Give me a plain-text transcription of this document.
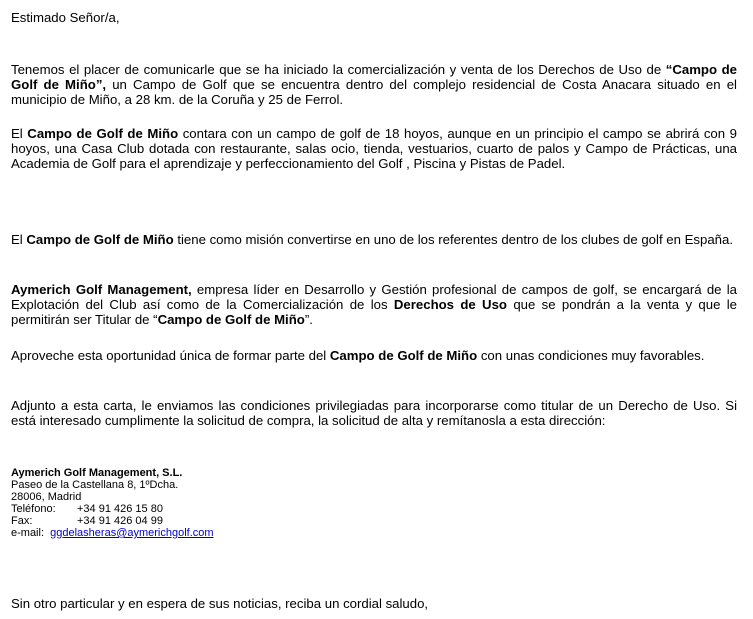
Estimado Señor/a,

Tenemos el placer de comunicarle que se ha iniciado la comercialización y venta de los Derechos de Uso de “Campo de Golf de Miño”, un Campo de Golf que se encuentra dentro del complejo residencial de Costa Anacara situado en el municipio de Miño, a 28 km. de la Coruña y 25 de Ferrol.

El Campo de Golf de Miño contara con un campo de golf de 18 hoyos, aunque en un principio el campo se abrirá con 9 hoyos, una Casa Club dotada con restaurante, salas ocio, tienda, vestuarios, cuarto de palos y Campo de Prácticas, una Academia de Golf para el aprendizaje y perfeccionamiento del Golf , Piscina y Pistas de Padel.

El Campo de Golf de Miño tiene como misión convertirse en uno de los referentes dentro de los clubes de golf en España.

Aymerich Golf Management, empresa líder en Desarrollo y Gestión profesional de campos de golf, se encargará de la Explotación del Club así como de la Comercialización de los Derechos de Uso que se pondrán a la venta y que le permitirán ser Titular de “Campo de Golf de Miño”.

Aproveche esta oportunidad única de formar parte del Campo de Golf de Miño con unas condiciones muy favorables.

Adjunto a esta carta, le enviamos las condiciones privilegiadas para incorporarse como titular de un Derecho de Uso. Si está interesado cumplimente la solicitud de compra, la solicitud de alta y remítanosla a esta dirección:

Aymerich Golf Management, S.L.
Paseo de la Castellana 8, 1ºDcha.
28006, Madrid
Teléfono: +34 91 426 15 80
Fax:	+34 91 426 04 99
e-mail: ggdelasheras@aymerichgolf.com

Sin otro particular y en espera de sus noticias, reciba un cordial saludo,
